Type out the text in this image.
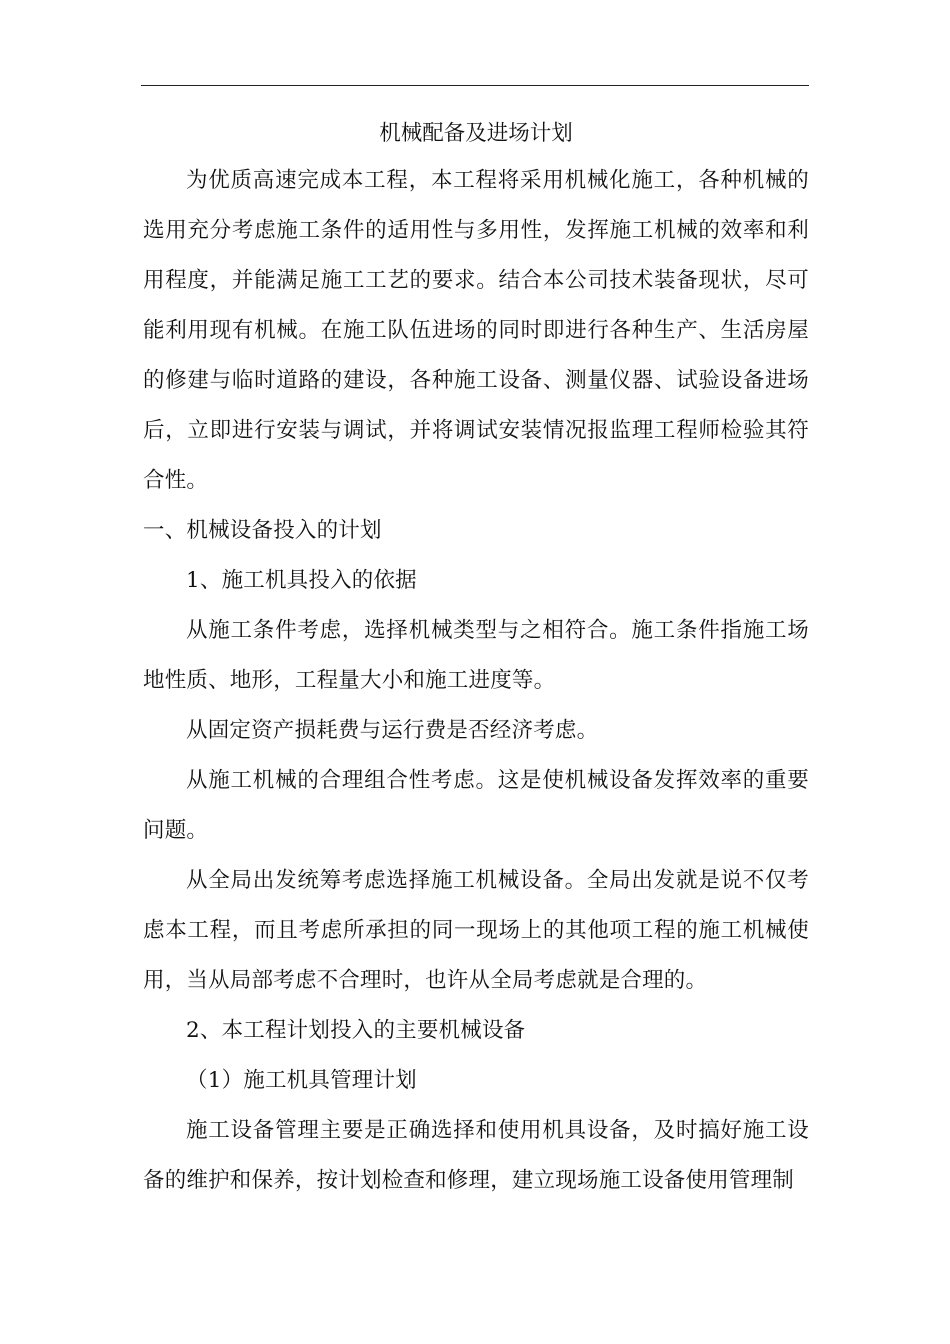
机械配备及进场计划

为优质高速完成本工程，本工程将采用机械化施工，各种机械的选用充分考虑施工条件的适用性与多用性，发挥施工机械的效率和利用程度，并能满足施工工艺的要求。结合本公司技术装备现状，尽可能利用现有机械。在施工队伍进场的同时即进行各种生产、生活房屋的修建与临时道路的建设，各种施工设备、测量仪器、试验设备进场后，立即进行安装与调试，并将调试安装情况报监理工程师检验其符合性。

一、机械设备投入的计划

1、施工机具投入的依据

从施工条件考虑，选择机械类型与之相符合。施工条件指施工场地性质、地形，工程量大小和施工进度等。

从固定资产损耗费与运行费是否经济考虑。

从施工机械的合理组合性考虑。这是使机械设备发挥效率的重要问题。

从全局出发统筹考虑选择施工机械设备。全局出发就是说不仅考虑本工程，而且考虑所承担的同一现场上的其他项工程的施工机械使用，当从局部考虑不合理时，也许从全局考虑就是合理的。

2、本工程计划投入的主要机械设备

（1）施工机具管理计划

施工设备管理主要是正确选择和使用机具设备，及时搞好施工设备的维护和保养，按计划检查和修理，建立现场施工设备使用管理制
